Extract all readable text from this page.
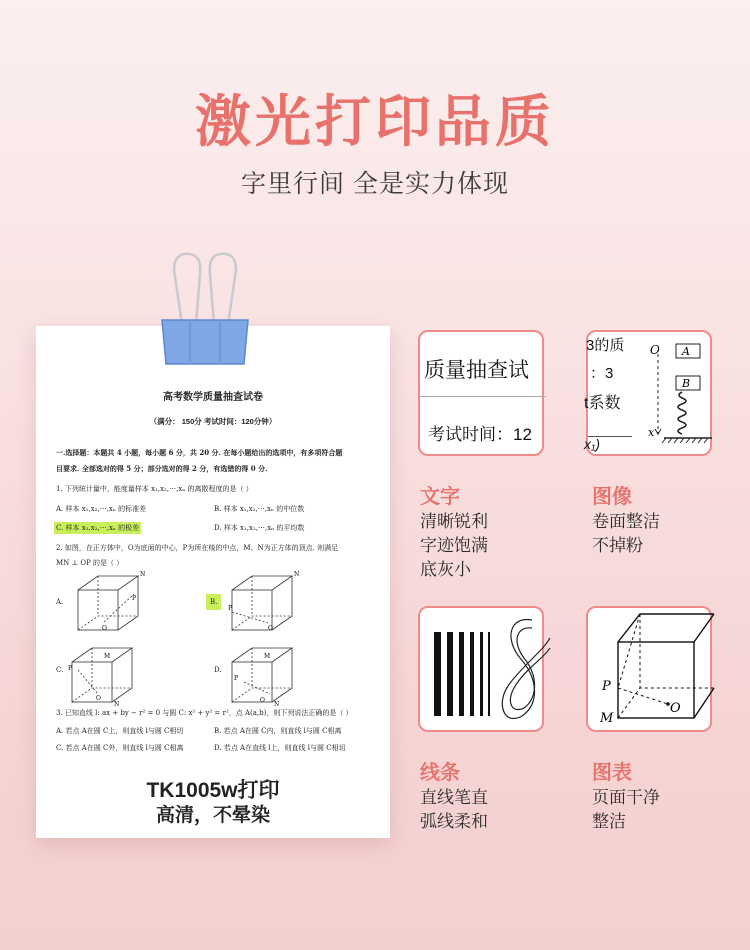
激光打印品质
字里行间 全是实力体现
高考数学质量抽查试卷
（满分： 150分 考试时间：120分钟）
一.选择题：本题共 4 小题，每小题 6 分，共 20 分. 在每小题给出的选项中，有多项符合题
目要求. 全部选对的得 5 分；部分选对的得 2 分，有选错的得 0 分.
1. 下列统计量中，能度量样本 x₁,x₂,⋯,xₙ 的离散程度的是（ ）
A. 样本 x₁,x₂,⋯,xₙ 的标准差	B. 样本 x₁,x₂,⋯,xₙ 的中位数
C. 样本 x₁,x₂,⋯,xₙ 的极差	D. 样本 x₁,x₂,⋯,xₙ 的平均数
2. 如图，在正方体中，O为底面的中心，P为所在棱的中点，M、N为正方体的顶点. 则满足
MN ⊥ OP 的是（ ）
A.
N
P
O
B.
N
P
O
C.
M
P
O
N
D.
M
P
O
N
3. 已知直线 l: ax + by − r² = 0 与圆 C: x² + y² = r²，点 A(a,b)，则下列说法正确的是（ ）
A. 若点 A在圆 C上，则直线 l与圆 C相切	B. 若点 A在圆 C内，则直线 l与圆 C相离
C. 若点 A在圆 C外，则直线 l与圆 C相离	D. 若点 A在直线 l上，则直线 l与圆 C相切
TK1005w打印
高清，不晕染
质量抽查试
考试时间：12
3的质
：3
t系数
x₁)
O A
B
x
P
M
O
文字
清晰锐利
字迹饱满
底灰小
图像
卷面整洁
不掉粉
线条
直线笔直
弧线柔和
图表
页面干净
整洁
